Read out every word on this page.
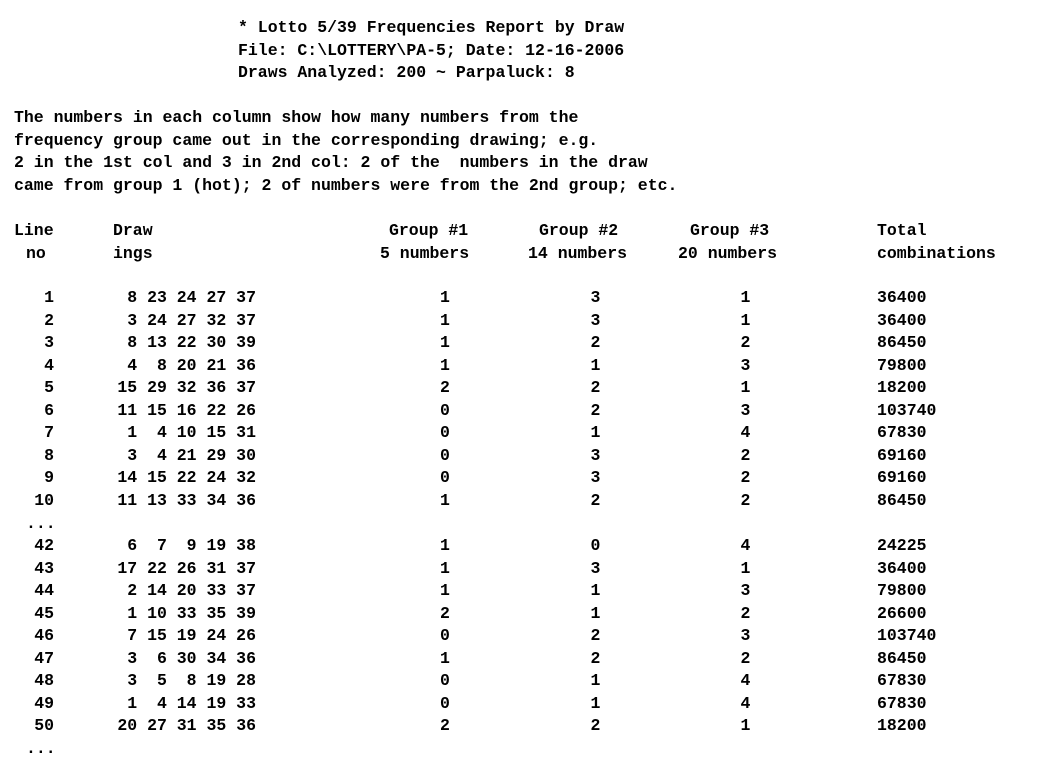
* Lotto 5/39 Frequencies Report by Draw
File: C:\LOTTERY\PA-5; Date: 12-16-2006
Draws Analyzed: 200 ~ Parpaluck: 8
The numbers in each column show how many numbers from the
frequency group came out in the corresponding drawing; e.g.
2 in the 1st col and 3 in 2nd col: 2 of the  numbers in the draw
came from group 1 (hot); 2 of numbers were from the 2nd group; etc.
Line	Draw	Group #1	Group #2	Group #3	Total
no	ings	5 numbers	14 numbers	20 numbers	combinations
1	8 23 24 27 37	1	3	1	36400
2	3 24 27 32 37	1	3	1	36400
3	8 13 22 30 39	1	2	2	86450
4	4  8 20 21 36	1	1	3	79800
5	15 29 32 36 37	2	2	1	18200
6	11 15 16 22 26	0	2	3	103740
7	1  4 10 15 31	0	1	4	67830
8	3  4 21 29 30	0	3	2	69160
9	14 15 22 24 32	0	3	2	69160
10	11 13 33 34 36	1	2	2	86450
...
42	6  7  9 19 38	1	0	4	24225
43	17 22 26 31 37	1	3	1	36400
44	2 14 20 33 37	1	1	3	79800
45	1 10 33 35 39	2	1	2	26600
46	7 15 19 24 26	0	2	3	103740
47	3  6 30 34 36	1	2	2	86450
48	3  5  8 19 28	0	1	4	67830
49	1  4 14 19 33	0	1	4	67830
50	20 27 31 35 36	2	2	1	18200
...
